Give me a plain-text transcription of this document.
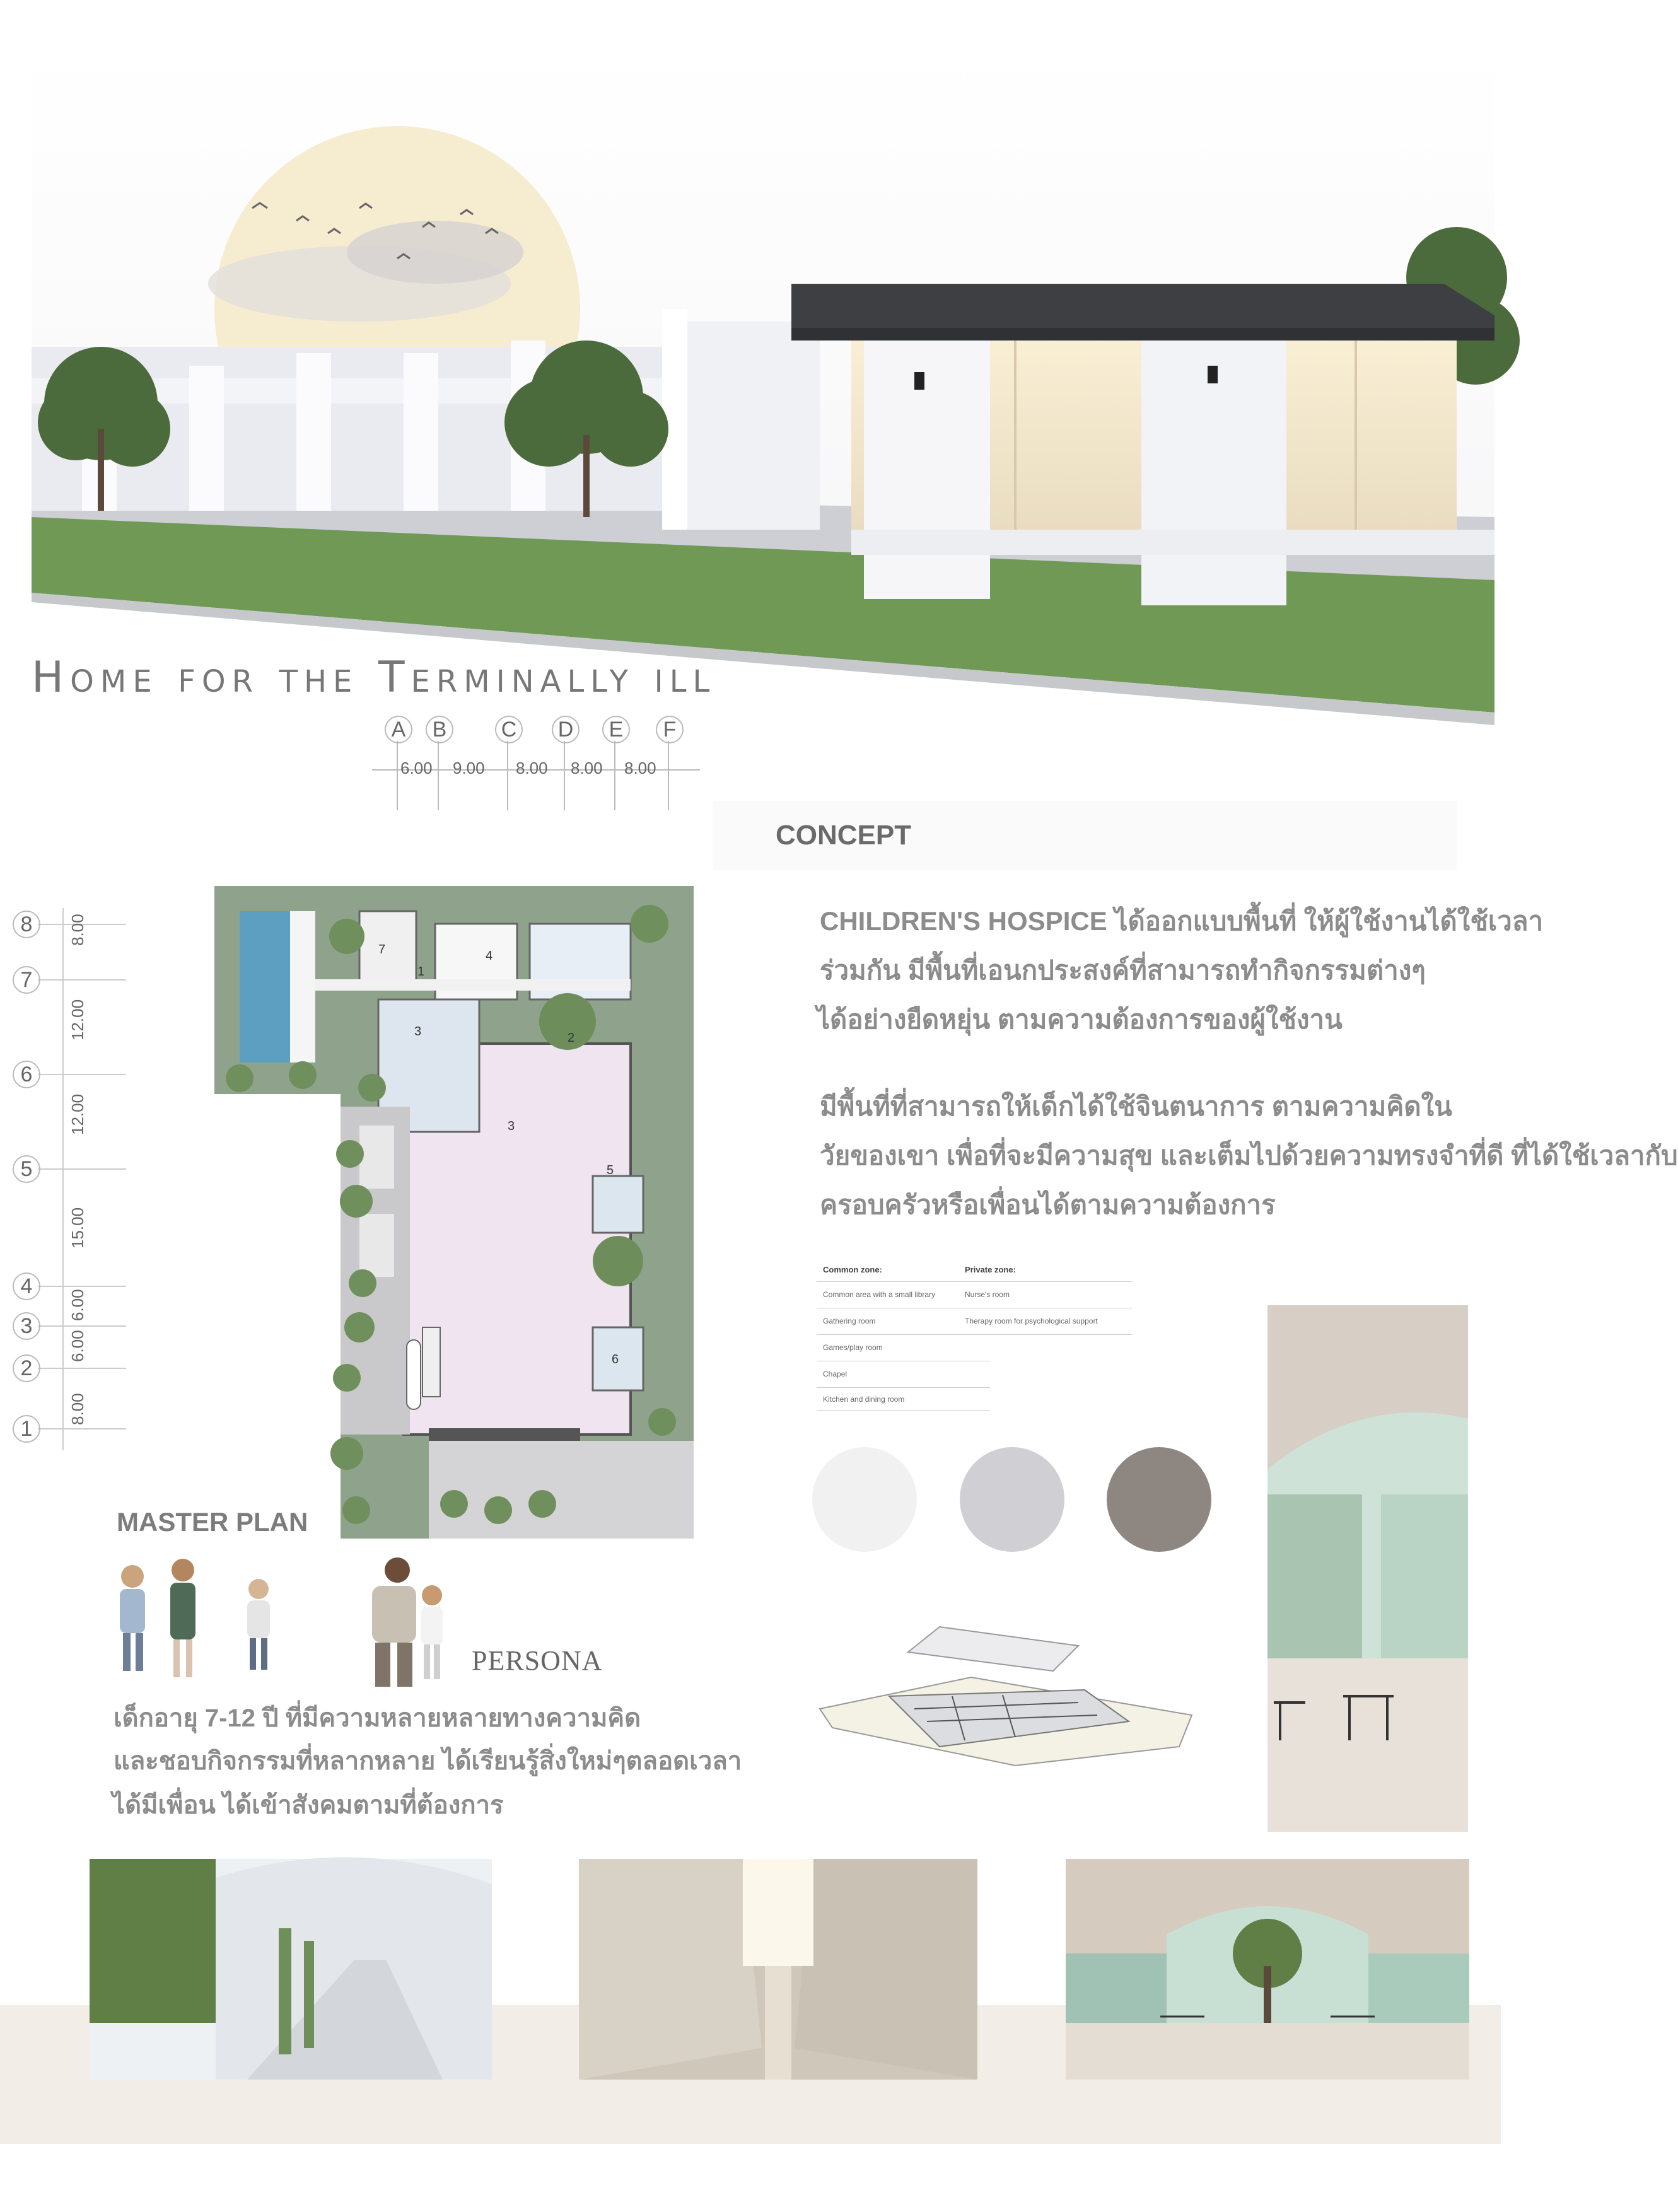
Home for the Terminally ill
A	B	C D	E	F
6.00 9.00 8.00 8.00 8.00
CONCEPT
CHILDREN'S HOSPICE ได้ออกแบบพื้นที่ ให้ผู้ใช้งานได้ใช้เวลา
ร่วมกัน มีพื้นที่เอนกประสงค์ที่สามารถทำกิจกรรมต่างๆ
ได้อย่างยืดหยุ่น ตามความต้องการของผู้ใช้งาน
มีพื้นที่ที่สามารถให้เด็กได้ใช้จินตนาการ ตามความคิดใน
วัยของเขา เพื่อที่จะมีความสุข และเต็มไปด้วยความทรงจำที่ดี ที่ได้ใช้เวลากับ
ครอบครัวหรือเพื่อนได้ตามความต้องการ
Common zone:	Private zone:
Common area with a small library	Nurse's room
Gathering room	Therapy room for psychological support
Games/play room
Chapel
Kitchen and dining room
8
7
6
5
4
3
2
1
8.00
12.00
12.00
15.00
6.00
6.00
8.00
1
2
3
3
4
5
6
7
MASTER PLAN
PERSONA
เด็กอายุ 7-12 ปี ที่มีความหลายหลายทางความคิด
และชอบกิจกรรมที่หลากหลาย ได้เรียนรู้สิ่งใหม่ๆตลอดเวลา
ได้มีเพื่อน ได้เข้าสังคมตามที่ต้องการ
